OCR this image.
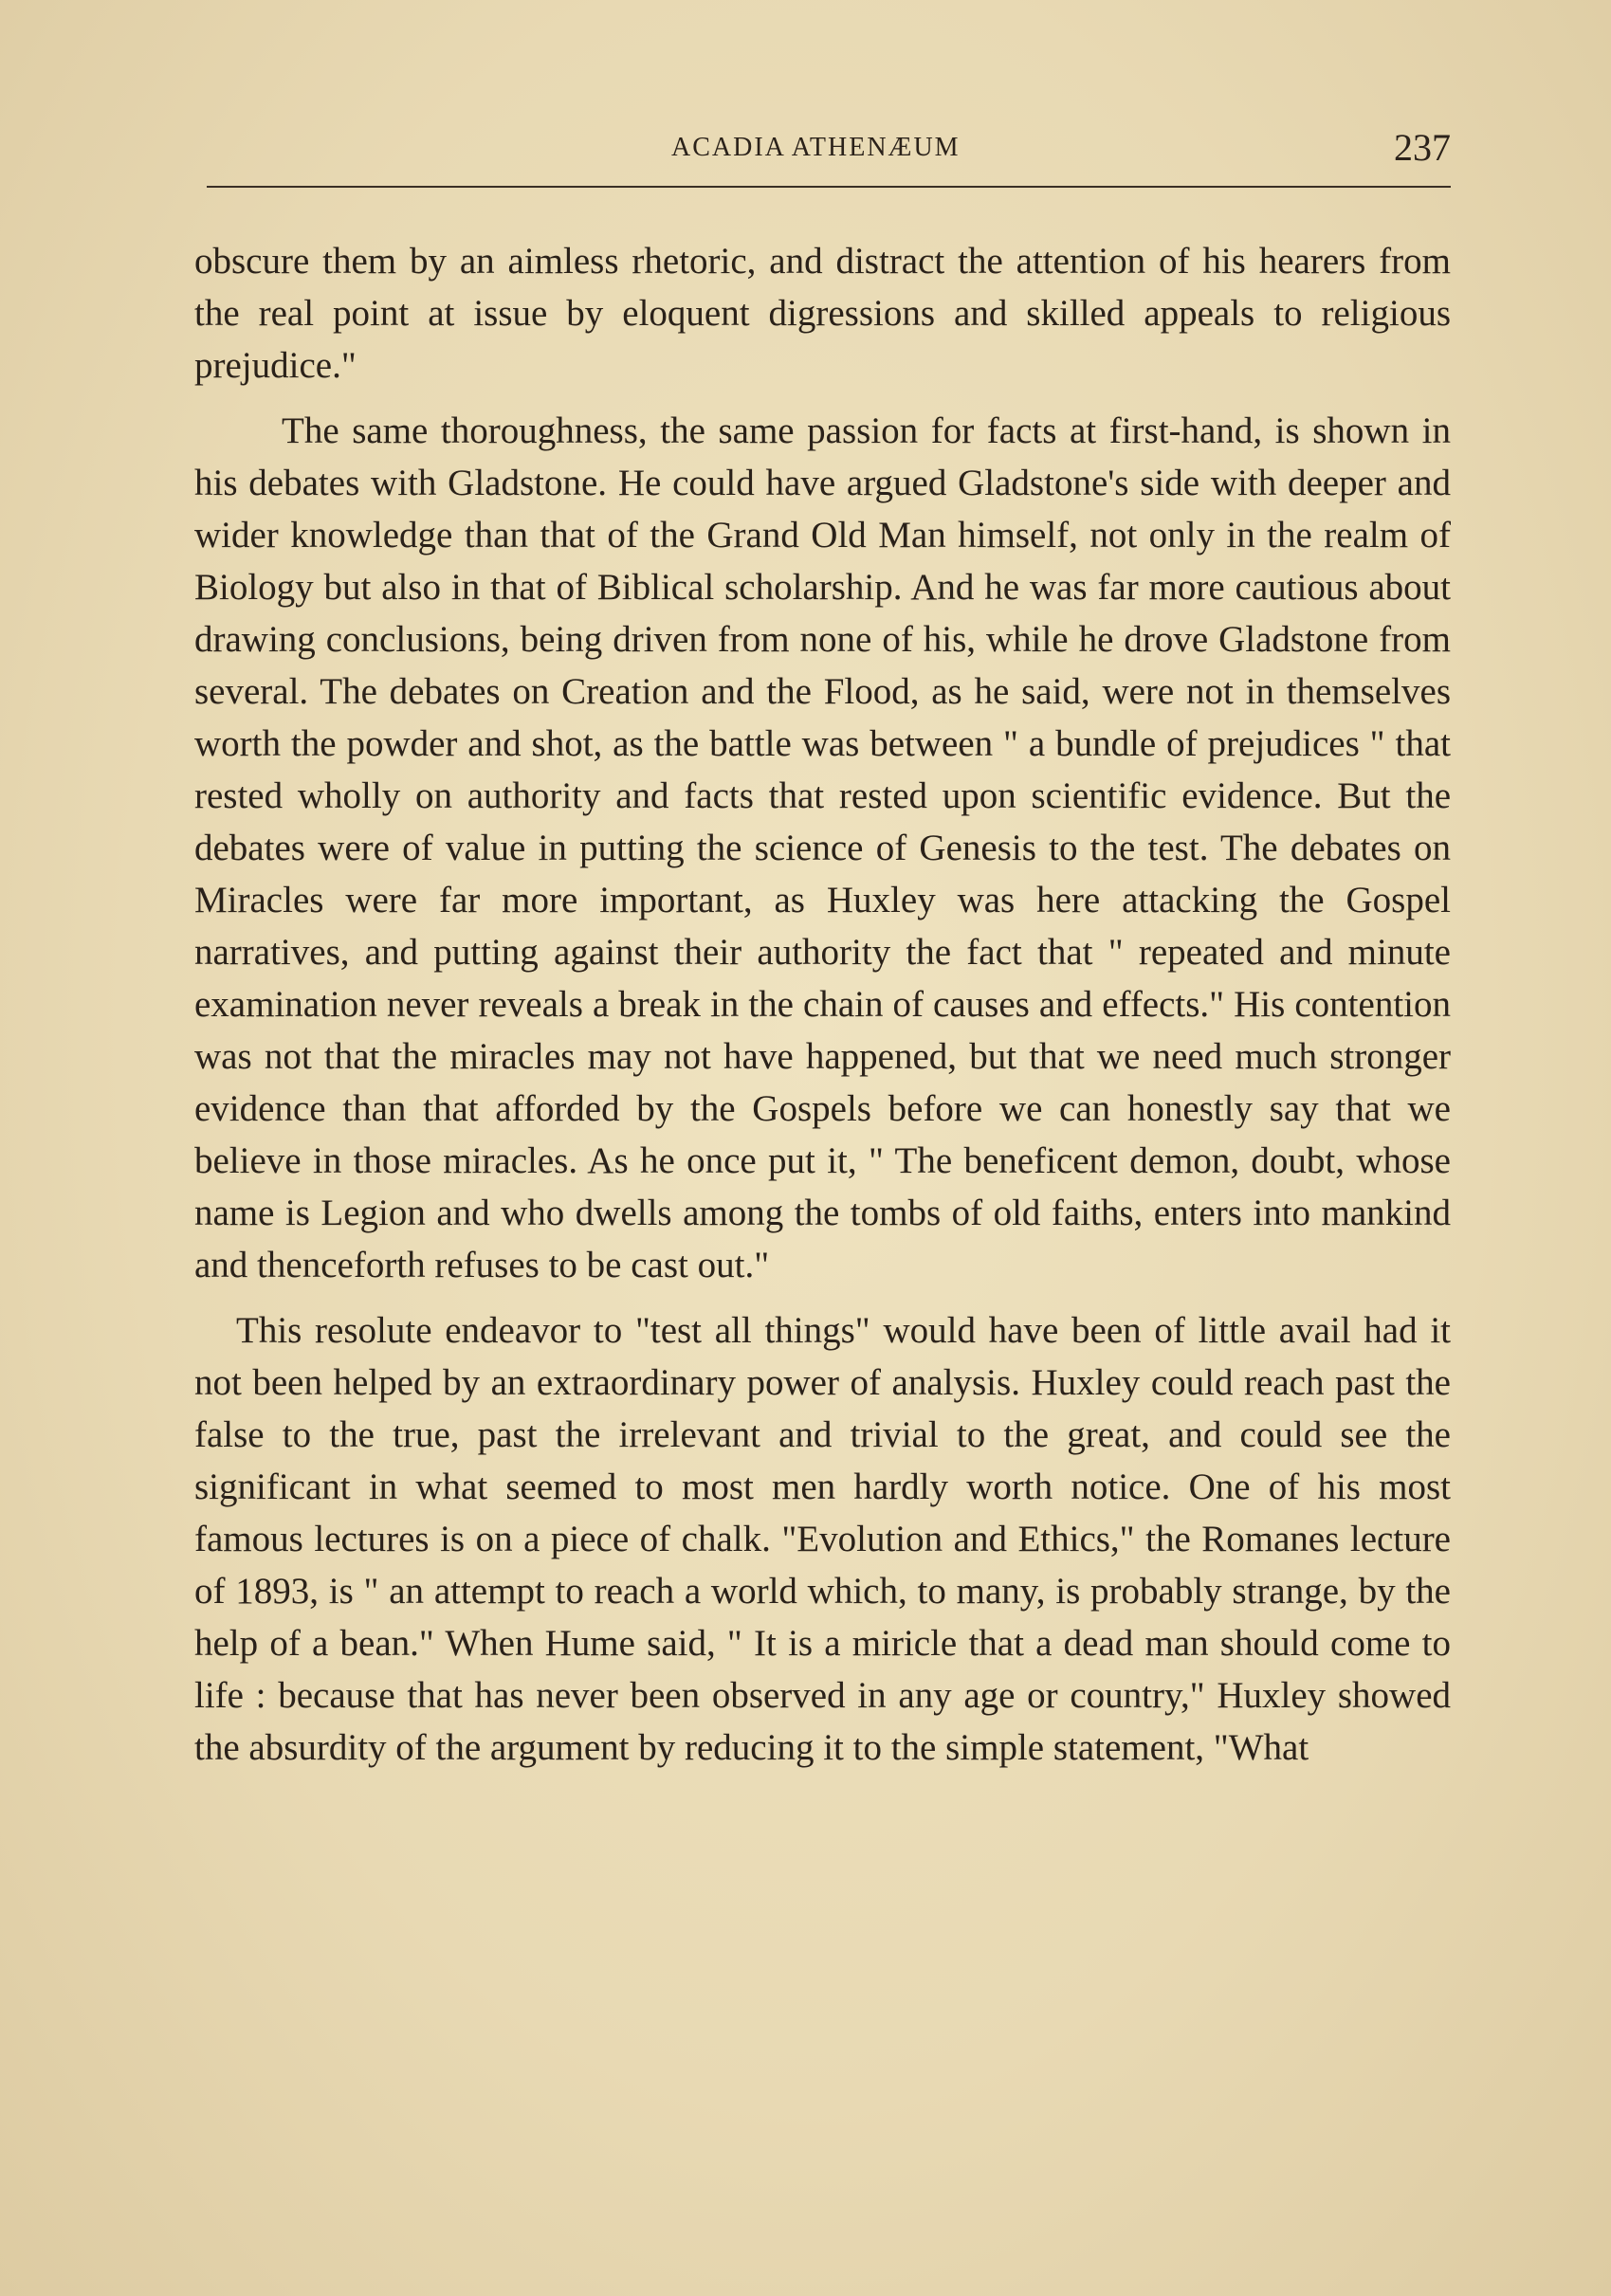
ACADIA ATHENÆUM	237

obscure them by an aimless rhetoric, and distract the attention of his hearers from the real point at issue by eloquent digressions and skilled appeals to religious prejudice."

The same thoroughness, the same passion for facts at first-hand, is shown in his debates with Gladstone. He could have argued Gladstone's side with deeper and wider knowledge than that of the Grand Old Man himself, not only in the realm of Biology but also in that of Biblical scholarship. And he was far more cautious about drawing conclusions, being driven from none of his, while he drove Gladstone from several. The debates on Creation and the Flood, as he said, were not in themselves worth the powder and shot, as the battle was between " a bundle of prejudices " that rested wholly on authority and facts that rested upon scientific evidence. But the debates were of value in putting the science of Genesis to the test. The debates on Miracles were far more important, as Huxley was here attacking the Gospel narratives, and putting against their authority the fact that " repeated and minute examination never reveals a break in the chain of causes and effects." His contention was not that the miracles may not have happened, but that we need much stronger evidence than that afforded by the Gospels before we can honestly say that we believe in those miracles. As he once put it, " The beneficent demon, doubt, whose name is Legion and who dwells among the tombs of old faiths, enters into mankind and thenceforth refuses to be cast out."

This resolute endeavor to "test all things" would have been of little avail had it not been helped by an extraordinary power of analysis. Huxley could reach past the false to the true, past the irrelevant and trivial to the great, and could see the significant in what seemed to most men hardly worth notice. One of his most famous lectures is on a piece of chalk. "Evolution and Ethics," the Romanes lecture of 1893, is " an attempt to reach a world which, to many, is probably strange, by the help of a bean." When Hume said, " It is a miricle that a dead man should come to life : because that has never been observed in any age or country," Huxley showed the absurdity of the argument by reducing it to the simple statement, "What
